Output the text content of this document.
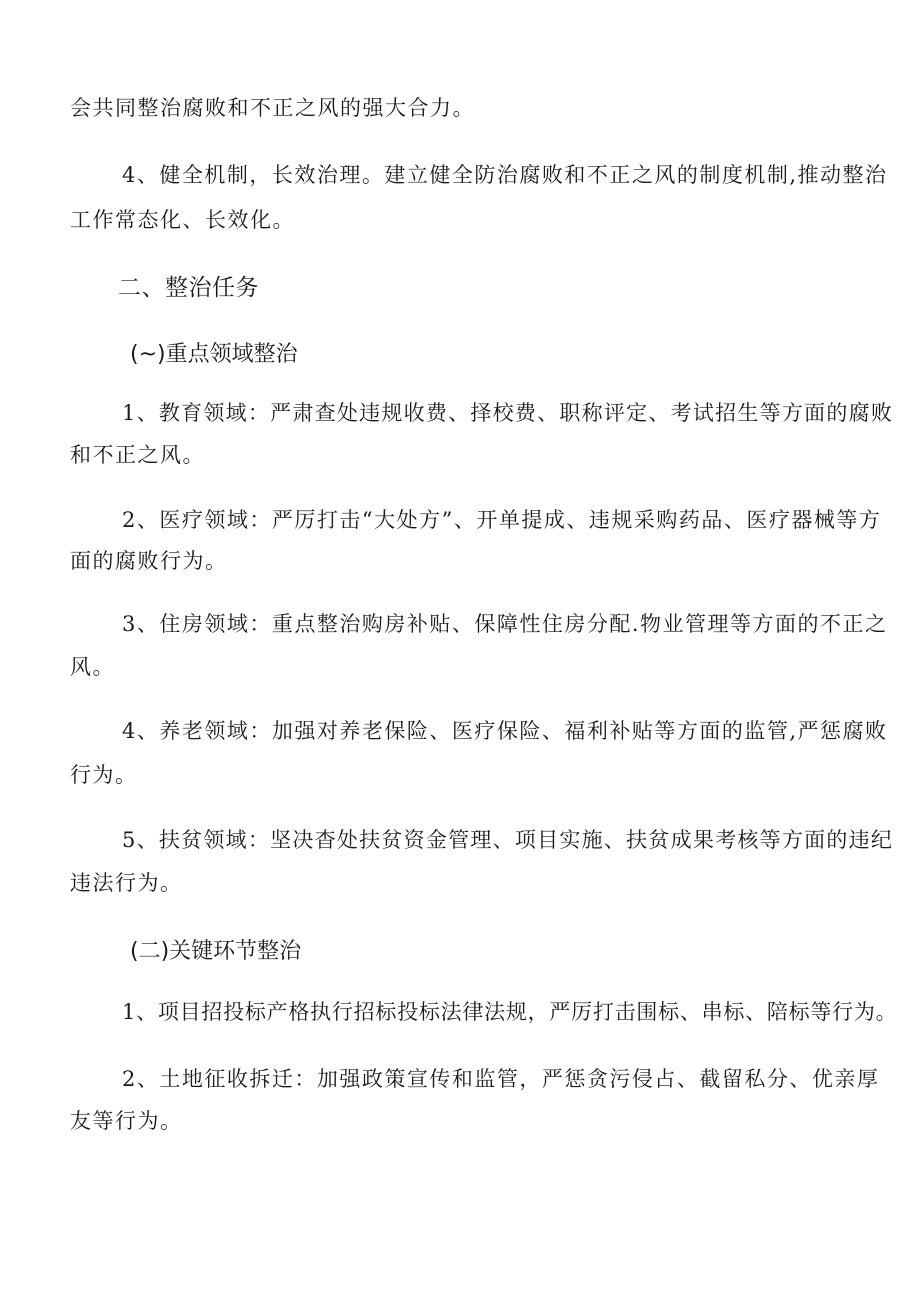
会共同整治腐败和不正之风的强大合力。

4、健全机制，长效治理。建立健全防治腐败和不正之风的制度机制,推动整治

工作常态化、长效化。

二、整治任务
(~)重点领域整治

1、教育领域：严肃查处违规收费、择校费、职称评定、考试招生等方面的腐败

和不正之风。

2、医疗领域：严厉打击“大处方”、开单提成、违规采购药品、医疗器械等方

面的腐败行为。

3、住房领域：重点整治购房补贴、保障性住房分配.物业管理等方面的不正之

风。

4、养老领域：加强对养老保险、医疗保险、福利补贴等方面的监管,严惩腐败

行为。

5、扶贫领域：坚决杳处扶贫资金管理、项目实施、扶贫成果考核等方面的违纪

违法行为。

(二)关键环节整治

1、项目招投标产格执行招标投标法律法规，严厉打击围标、串标、陪标等行为。

2、土地征收拆迁：加强政策宣传和监管，严惩贪污侵占、截留私分、优亲厚

友等行为。
